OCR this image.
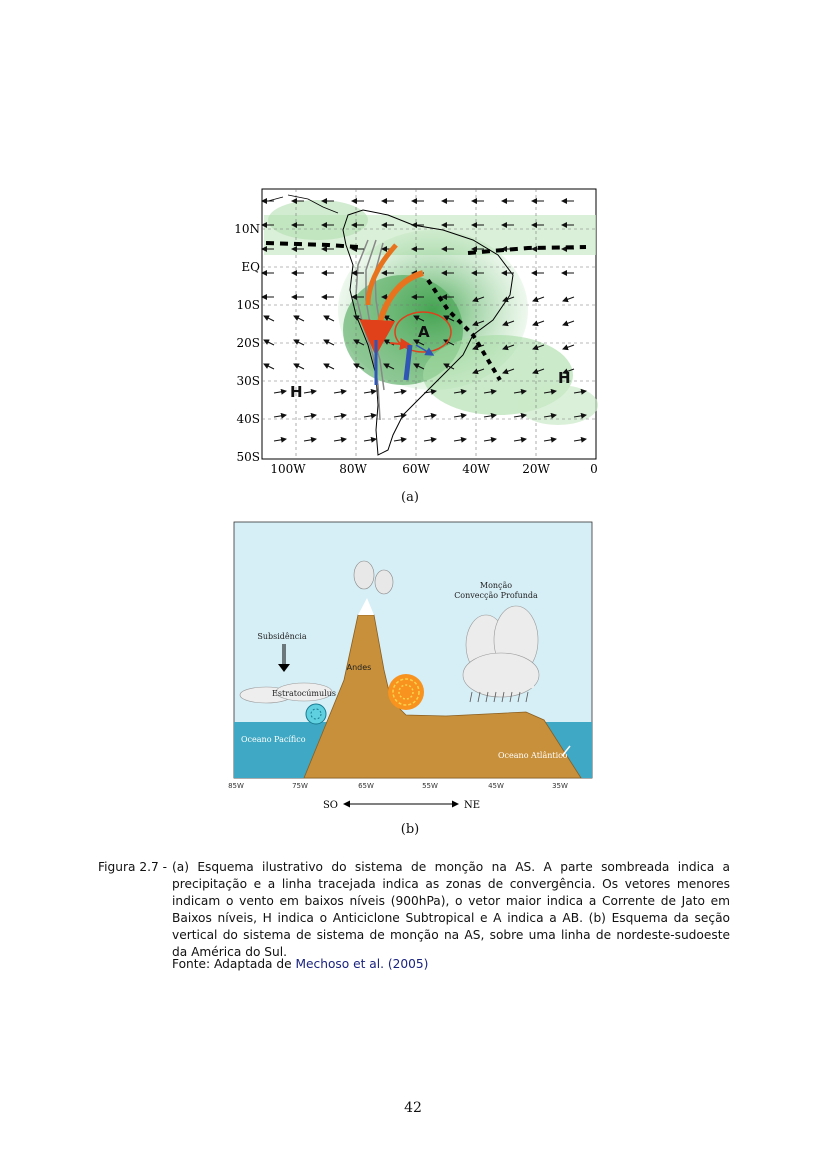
H
H
A
10N
EQ
10S
20S
30S
40S
50S
100W	80W	60W	40W	20W	0
(a)
Subsidência
Estratocúmulus
Andes
Monção
Convecção Profunda
Oceano Pacífico
Oceano Atlântico
85W	75W	65W	55W	45W	35W
SO	NE
(b)
Figura 2.7 - (a) Esquema ilustrativo do sistema de monção na AS. A parte sombreada indica a precipitação e a linha tracejada indica as zonas de convergência. Os vetores menores indicam o vento em baixos níveis (900hPa), o vetor maior indica a Corrente de Jato em Baixos níveis, H indica o Anticiclone Subtropical e A indica a AB. (b) Esquema da seção vertical do sistema de sistema de monção na AS, sobre uma linha de nordeste-sudoeste da América do Sul.
Fonte: Adaptada de Mechoso et al. (2005)
42
